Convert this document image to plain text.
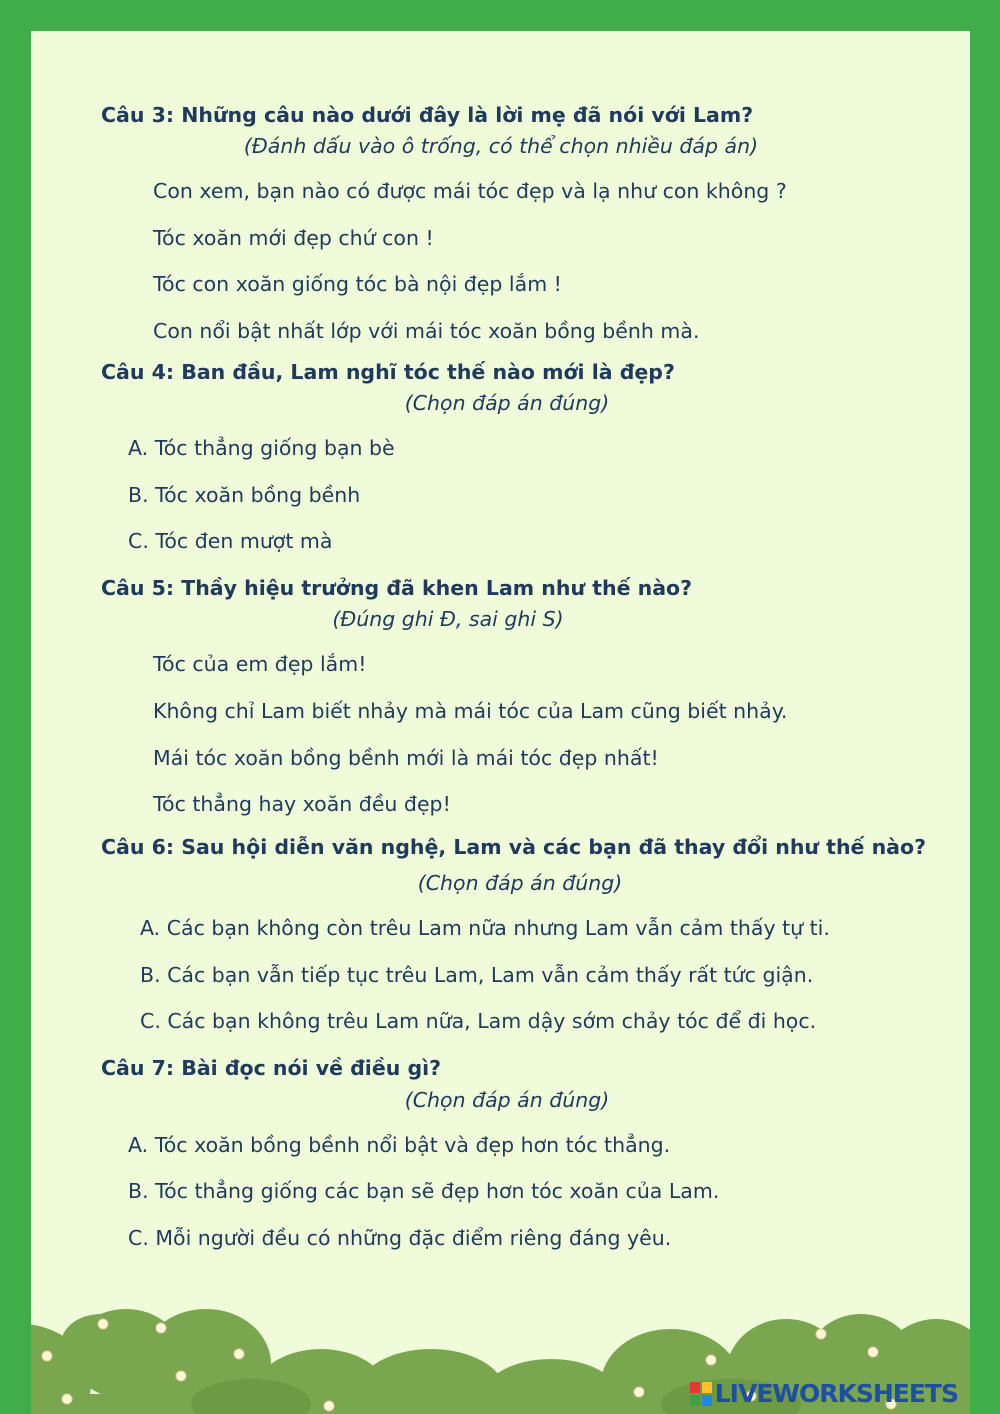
Câu 3: Những câu nào dưới đây là lời mẹ đã nói với Lam?
(Đánh dấu vào ô trống, có thể chọn nhiều đáp án)
Con xem, bạn nào có được mái tóc đẹp và lạ như con không ?
Tóc xoăn mới đẹp chứ con !
Tóc con xoăn giống tóc bà nội đẹp lắm !
Con nổi bật nhất lớp với mái tóc xoăn bồng bềnh mà.
Câu 4: Ban đầu, Lam nghĩ tóc thế nào mới là đẹp?
(Chọn đáp án đúng)
A. Tóc thẳng giống bạn bè
B. Tóc xoăn bồng bềnh
C. Tóc đen mượt mà
Câu 5: Thầy hiệu trưởng đã khen Lam như thế nào?
(Đúng ghi Đ, sai ghi S)
Tóc của em đẹp lắm!
Không chỉ Lam biết nhảy mà mái tóc của Lam cũng biết nhảy.
Mái tóc xoăn bồng bềnh mới là mái tóc đẹp nhất!
Tóc thẳng hay xoăn đều đẹp!
Câu 6: Sau hội diễn văn nghệ, Lam và các bạn đã thay đổi như thế nào?
(Chọn đáp án đúng)
A. Các bạn không còn trêu Lam nữa nhưng Lam vẫn cảm thấy tự ti.
B. Các bạn vẫn tiếp tục trêu Lam, Lam vẫn cảm thấy rất tức giận.
C. Các bạn không trêu Lam nữa, Lam dậy sớm chảy tóc để đi học.
Câu 7: Bài đọc nói về điều gì?
(Chọn đáp án đúng)
A. Tóc xoăn bồng bềnh nổi bật và đẹp hơn tóc thẳng.
B. Tóc thẳng giống các bạn sẽ đẹp hơn tóc xoăn của Lam.
C. Mỗi người đều có những đặc điểm riêng đáng yêu.
LIVEWORKSHEETS
